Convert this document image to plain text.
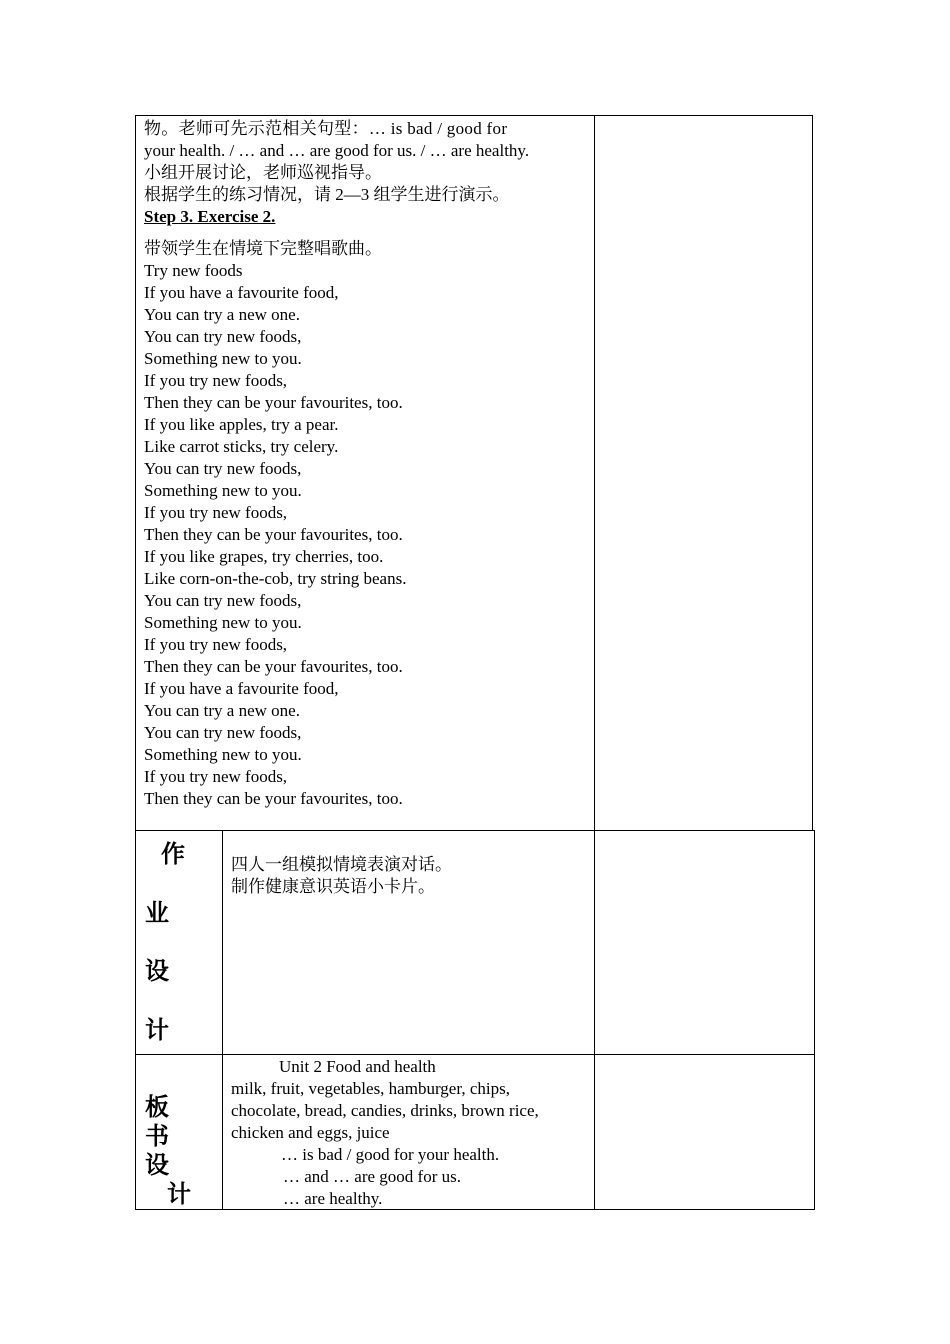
物。老师可先示范相关句型：… is bad / good for
your health. / … and … are good for us. / … are healthy.
小组开展讨论，老师巡视指导。
根据学生的练习情况，请 2—3 组学生进行演示。
Step 3. Exercise 2.
带领学生在情境下完整唱歌曲。
Try new foods
If you have a favourite food,
You can try a new one.
You can try new foods,
Something new to you.
If you try new foods,
Then they can be your favourites, too.
If you like apples, try a pear.
Like carrot sticks, try celery.
You can try new foods,
Something new to you.
If you try new foods,
Then they can be your favourites, too.
If you like grapes, try cherries, too.
Like corn-on-the-cob, try string beans.
You can try new foods,
Something new to you.
If you try new foods,
Then they can be your favourites, too.
If you have a favourite food,
You can try a new one.
You can try new foods,
Something new to you.
If you try new foods,
Then they can be your favourites, too.
作
业
设
计
四人一组模拟情境表演对话。
制作健康意识英语小卡片。
板
书
设
计
Unit 2 Food and health
milk, fruit, vegetables, hamburger, chips,
chocolate, bread, candies, drinks, brown rice,
chicken and eggs, juice
… is bad / good for your health.
… and … are good for us.
… are healthy.
